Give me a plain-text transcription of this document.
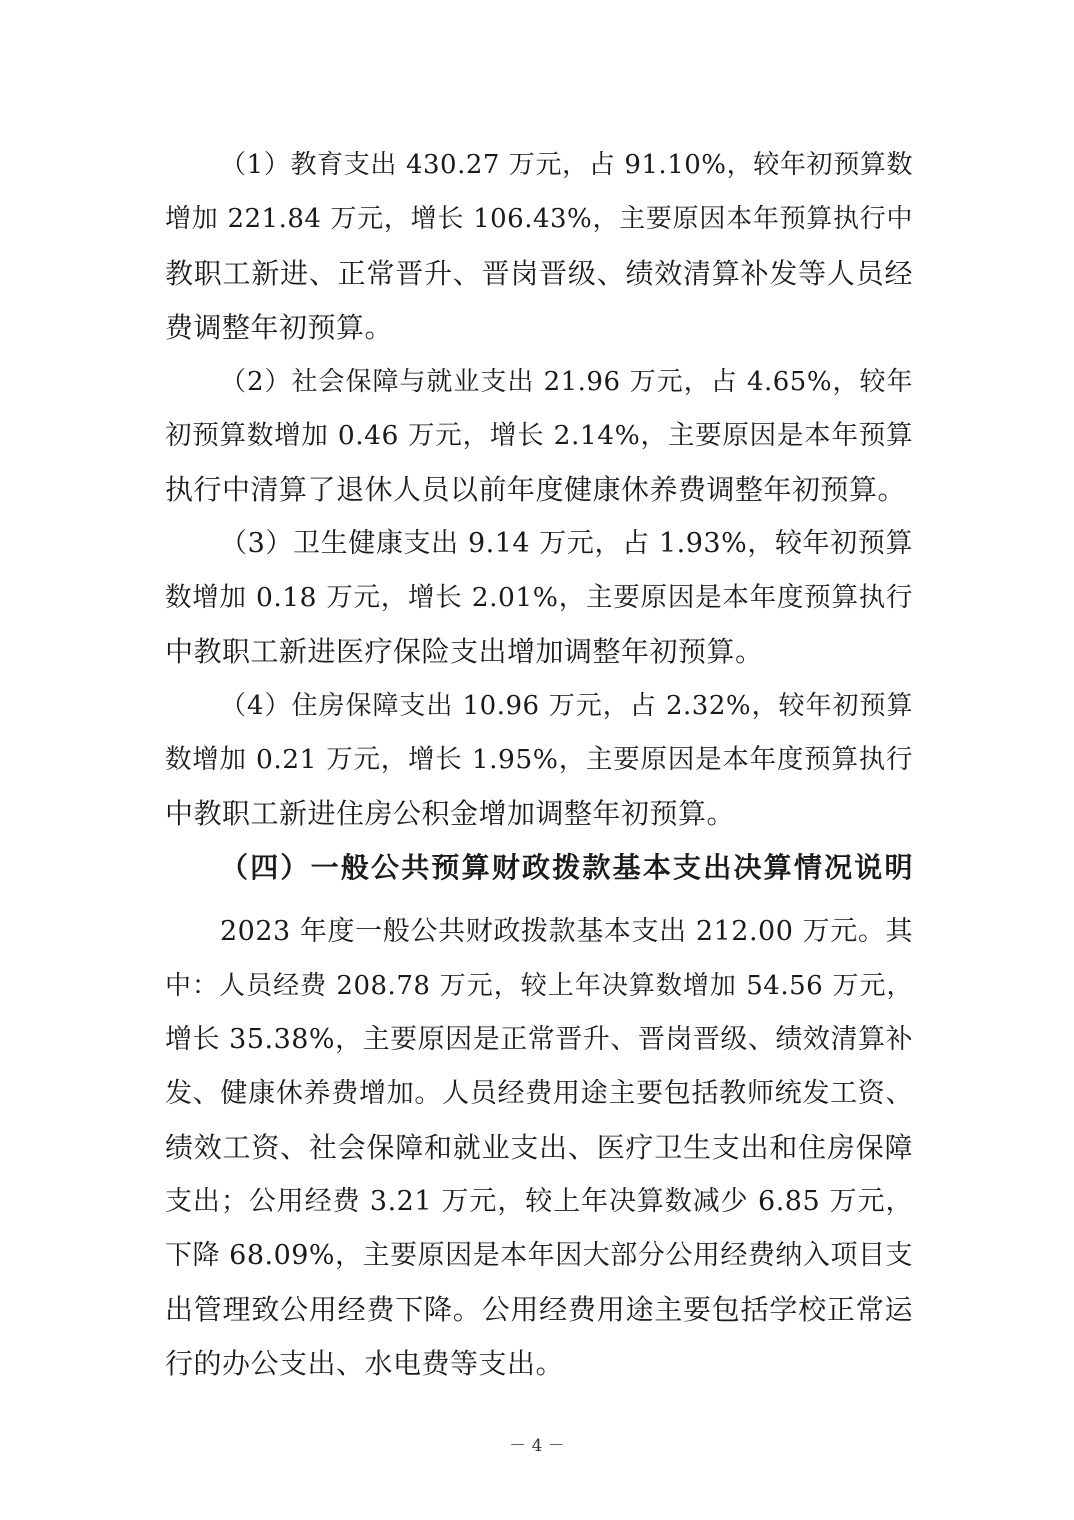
（1）教育支出 430.27 万元，占 91.10%，较年初预算数
增加 221.84 万元，增长 106.43%，主要原因本年预算执行中
教职工新进、正常晋升、晋岗晋级、绩效清算补发等人员经
费调整年初预算。
（2）社会保障与就业支出 21.96 万元，占 4.65%，较年
初预算数增加 0.46 万元，增长 2.14%，主要原因是本年预算
执行中清算了退休人员以前年度健康休养费调整年初预算。
（3）卫生健康支出 9.14 万元，占 1.93%，较年初预算
数增加 0.18 万元，增长 2.01%，主要原因是本年度预算执行
中教职工新进医疗保险支出增加调整年初预算。
（4）住房保障支出 10.96 万元，占 2.32%，较年初预算
数增加 0.21 万元，增长 1.95%，主要原因是本年度预算执行
中教职工新进住房公积金增加调整年初预算。
（四）一般公共预算财政拨款基本支出决算情况说明
2023 年度一般公共财政拨款基本支出 212.00 万元。其
中：人员经费 208.78 万元，较上年决算数增加 54.56 万元，
增长 35.38%，主要原因是正常晋升、晋岗晋级、绩效清算补
发、健康休养费增加。人员经费用途主要包括教师统发工资、
绩效工资、社会保障和就业支出、医疗卫生支出和住房保障
支出；公用经费 3.21 万元，较上年决算数减少 6.85 万元，
下降 68.09%，主要原因是本年因大部分公用经费纳入项目支
出管理致公用经费下降。公用经费用途主要包括学校正常运
行的办公支出、水电费等支出。
－ 4 －
